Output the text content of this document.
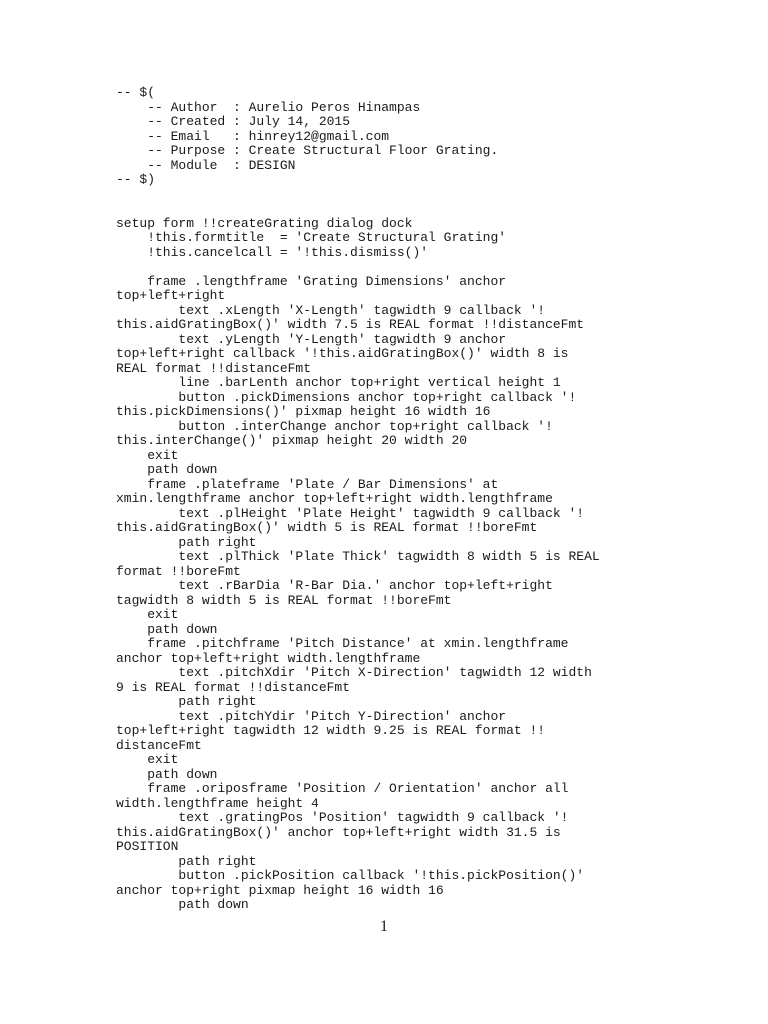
-- $(
-- Author  : Aurelio Peros Hinampas
-- Created : July 14, 2015
-- Email   : hinrey12@gmail.com
-- Purpose : Create Structural Floor Grating.
-- Module  : DESIGN
-- $)
setup form !!createGrating dialog dock
!this.formtitle  = 'Create Structural Grating'
!this.cancelcall = '!this.dismiss()'
frame .lengthframe 'Grating Dimensions' anchor
top+left+right
text .xLength 'X-Length' tagwidth 9 callback '!
this.aidGratingBox()' width 7.5 is REAL format !!distanceFmt
text .yLength 'Y-Length' tagwidth 9 anchor
top+left+right callback '!this.aidGratingBox()' width 8 is
REAL format !!distanceFmt
line .barLenth anchor top+right vertical height 1
button .pickDimensions anchor top+right callback '!
this.pickDimensions()' pixmap height 16 width 16
button .interChange anchor top+right callback '!
this.interChange()' pixmap height 20 width 20
exit
path down
frame .plateframe 'Plate / Bar Dimensions' at
xmin.lengthframe anchor top+left+right width.lengthframe
text .plHeight 'Plate Height' tagwidth 9 callback '!
this.aidGratingBox()' width 5 is REAL format !!boreFmt
path right
text .plThick 'Plate Thick' tagwidth 8 width 5 is REAL
format !!boreFmt
text .rBarDia 'R-Bar Dia.' anchor top+left+right
tagwidth 8 width 5 is REAL format !!boreFmt
exit
path down
frame .pitchframe 'Pitch Distance' at xmin.lengthframe
anchor top+left+right width.lengthframe
text .pitchXdir 'Pitch X-Direction' tagwidth 12 width
9 is REAL format !!distanceFmt
path right
text .pitchYdir 'Pitch Y-Direction' anchor
top+left+right tagwidth 12 width 9.25 is REAL format !!
distanceFmt
exit
path down
frame .oriposframe 'Position / Orientation' anchor all
width.lengthframe height 4
text .gratingPos 'Position' tagwidth 9 callback '!
this.aidGratingBox()' anchor top+left+right width 31.5 is
POSITION
path right
button .pickPosition callback '!this.pickPosition()'
anchor top+right pixmap height 16 width 16
path down
1
